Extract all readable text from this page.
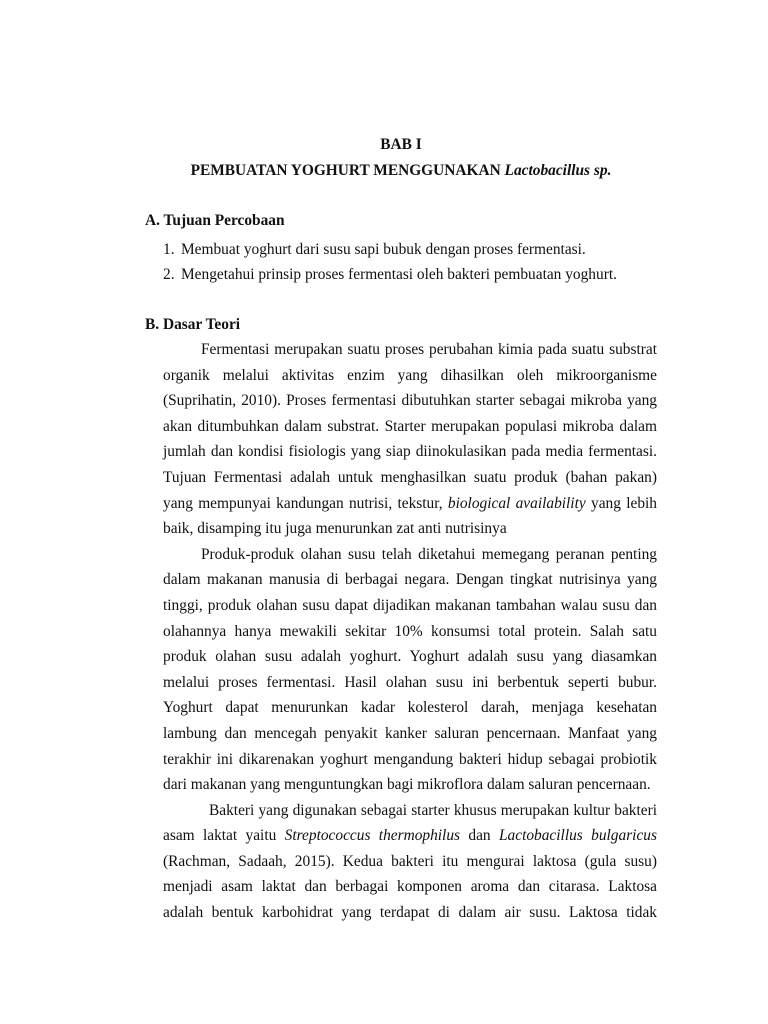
BAB I
PEMBUATAN YOGHURT MENGGUNAKAN Lactobacillus sp.
A. Tujuan Percobaan
1. Membuat yoghurt dari susu sapi bubuk dengan proses fermentasi.
2. Mengetahui prinsip proses fermentasi oleh bakteri pembuatan yoghurt.
B. Dasar Teori
Fermentasi merupakan suatu proses perubahan kimia pada suatu substrat
organik melalui aktivitas enzim yang dihasilkan oleh mikroorganisme
(Suprihatin, 2010). Proses fermentasi dibutuhkan starter sebagai mikroba yang
akan ditumbuhkan dalam substrat. Starter merupakan populasi mikroba dalam
jumlah dan kondisi fisiologis yang siap diinokulasikan pada media fermentasi.
Tujuan Fermentasi adalah untuk menghasilkan suatu produk (bahan pakan)
yang mempunyai kandungan nutrisi, tekstur, biological availability yang lebih
baik, disamping itu juga menurunkan zat anti nutrisinya
Produk-produk olahan susu telah diketahui memegang peranan penting
dalam makanan manusia di berbagai negara. Dengan tingkat nutrisinya yang
tinggi, produk olahan susu dapat dijadikan makanan tambahan walau susu dan
olahannya hanya mewakili sekitar 10% konsumsi total protein. Salah satu
produk olahan susu adalah yoghurt. Yoghurt adalah susu yang diasamkan
melalui proses fermentasi. Hasil olahan susu ini berbentuk seperti bubur.
Yoghurt dapat menurunkan kadar kolesterol darah, menjaga kesehatan
lambung dan mencegah penyakit kanker saluran pencernaan. Manfaat yang
terakhir ini dikarenakan yoghurt mengandung bakteri hidup sebagai probiotik
dari makanan yang menguntungkan bagi mikroflora dalam saluran pencernaan.
Bakteri yang digunakan sebagai starter khusus merupakan kultur bakteri
asam laktat yaitu Streptococcus thermophilus dan Lactobacillus bulgaricus
(Rachman, Sadaah, 2015). Kedua bakteri itu mengurai laktosa (gula susu)
menjadi asam laktat dan berbagai komponen aroma dan citarasa. Laktosa
adalah bentuk karbohidrat yang terdapat di dalam air susu. Laktosa tidak
